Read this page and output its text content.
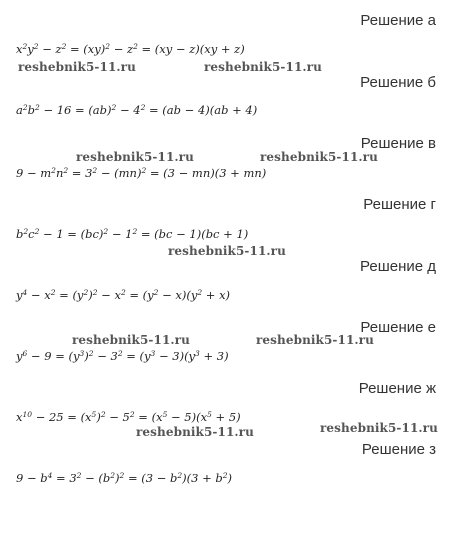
Решение а
$x^2y^2 - z^2 = (xy)^2 - z^2 = (xy - z)(xy + z)$
reshebnik5-11.ru	reshebnik5-11.ru
Решение б
$a^2b^2 - 16 = (ab)^2 - 4^2 = (ab - 4)(ab + 4)$
Решение в
reshebnik5-11.ru	reshebnik5-11.ru
$9 - m^2n^2 = 3^2 - (mn)^2 = (3 - mn)(3 + mn)$
Решение г
$b^2c^2 - 1 = (bc)^2 - 1^2 = (bc - 1)(bc + 1)$
reshebnik5-11.ru
Решение д
$y^4 - x^2 = (y^2)^2 - x^2 = (y^2 - x)(y^2 + x)$
Решение е
reshebnik5-11.ru	reshebnik5-11.ru
$y^6 - 9 = (y^3)^2 - 3^2 = (y^3 - 3)(y^3 + 3)$
Решение ж
$x^{10} - 25 = (x^5)^2 - 5^2 = (x^5 - 5)(x^5 + 5)$
reshebnik5-11.ru	reshebnik5-11.ru
Решение з
$9 - b^4 = 3^2 - (b^2)^2 = (3 - b^2)(3 + b^2)$
